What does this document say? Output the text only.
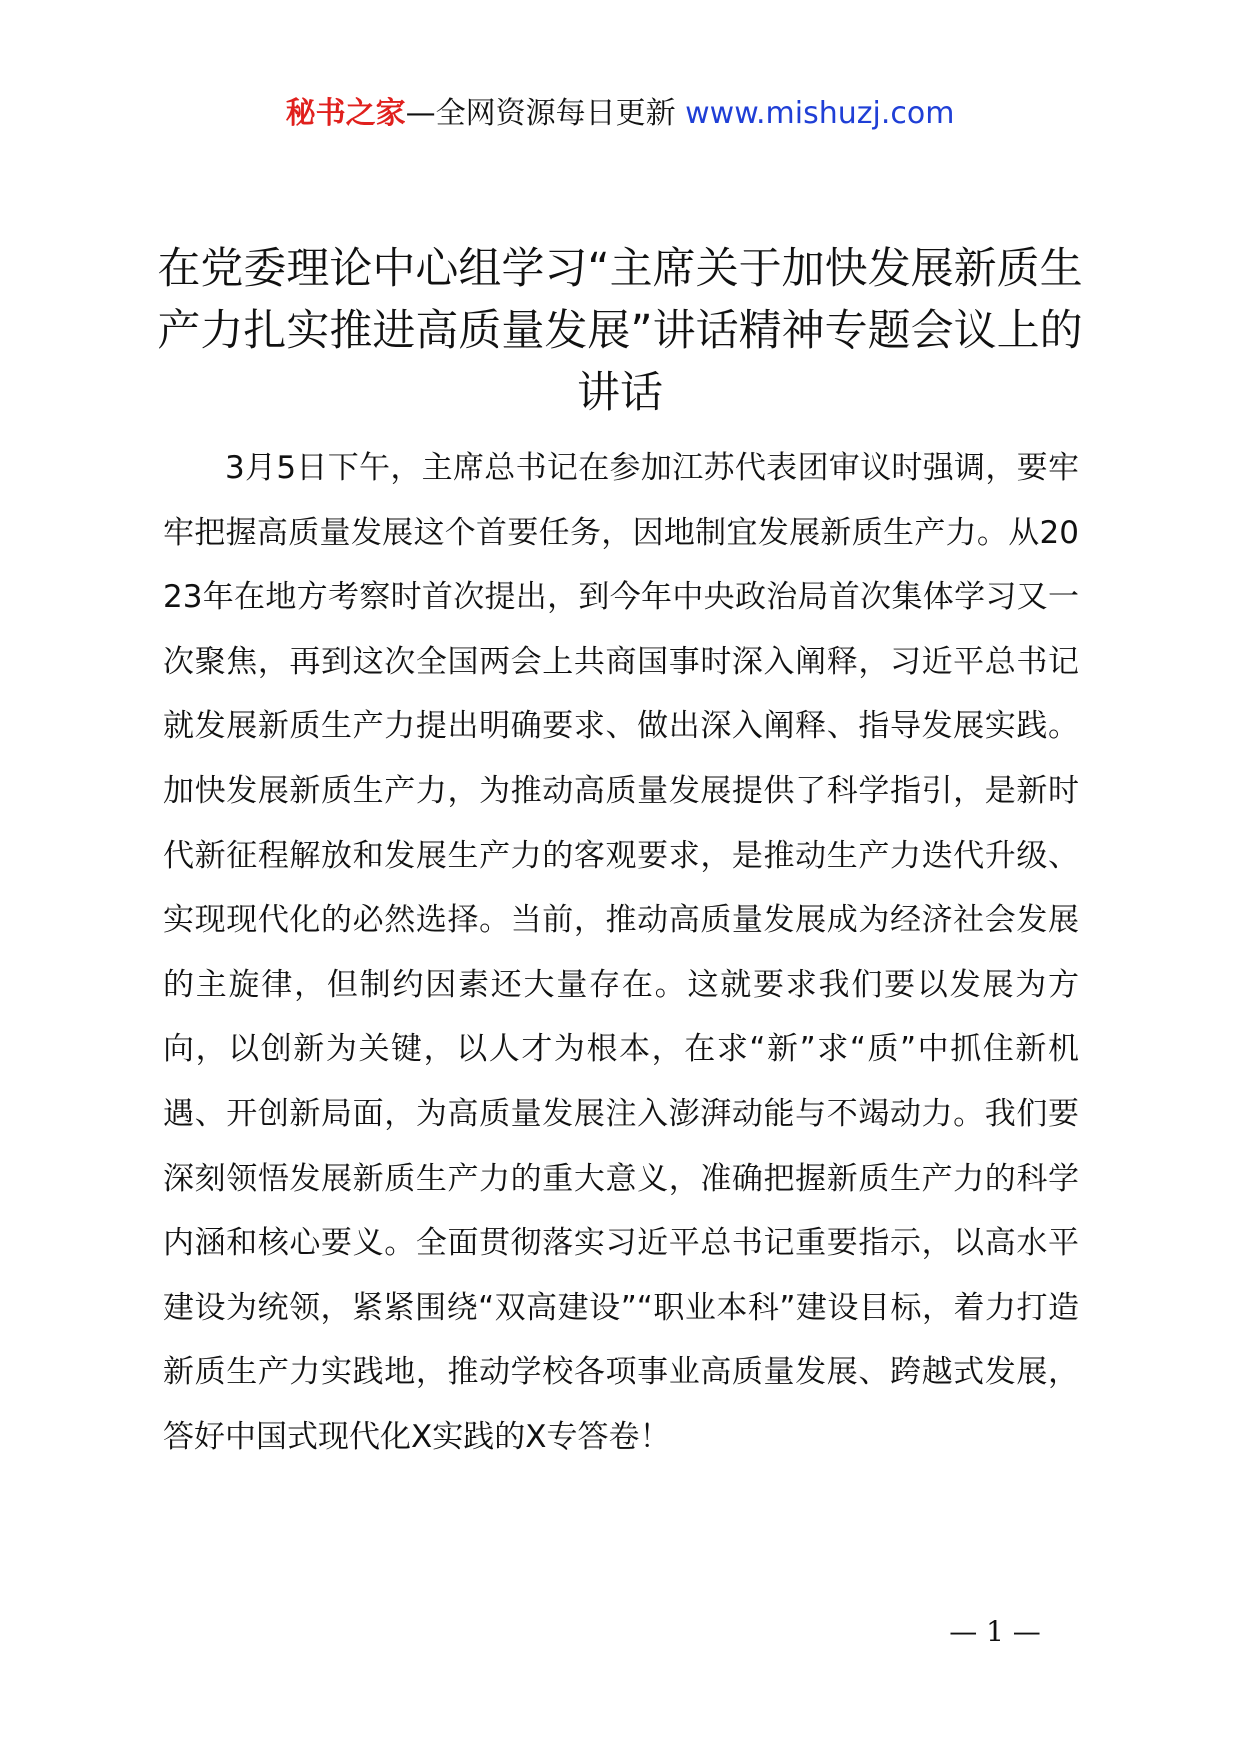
秘书之家—全网资源每日更新 www.mishuzj.com
在党委理论中心组学习“主席关于加快发展新质生产力扎实推进高质量发展”讲话精神专题会议上的讲话

3月5日下午，主席总书记在参加江苏代表团审议时强调，要牢牢把握高质量发展这个首要任务，因地制宜发展新质生产力。从2023年在地方考察时首次提出，到今年中央政治局首次集体学习又一次聚焦，再到这次全国两会上共商国事时深入阐释，习近平总书记就发展新质生产力提出明确要求、做出深入阐释、指导发展实践。加快发展新质生产力，为推动高质量发展提供了科学指引，是新时代新征程解放和发展生产力的客观要求，是推动生产力迭代升级、实现现代化的必然选择。当前，推动高质量发展成为经济社会发展的主旋律，但制约因素还大量存在。这就要求我们要以发展为方向，以创新为关键，以人才为根本，在求“新”求“质”中抓住新机遇、开创新局面，为高质量发展注入澎湃动能与不竭动力。我们要深刻领悟发展新质生产力的重大意义，准确把握新质生产力的科学内涵和核心要义。全面贯彻落实习近平总书记重要指示，以高水平建设为统领，紧紧围绕“双高建设”“职业本科”建设目标，着力打造新质生产力实践地，推动学校各项事业高质量发展、跨越式发展，答好中国式现代化X实践的X专答卷！

— 1 —
